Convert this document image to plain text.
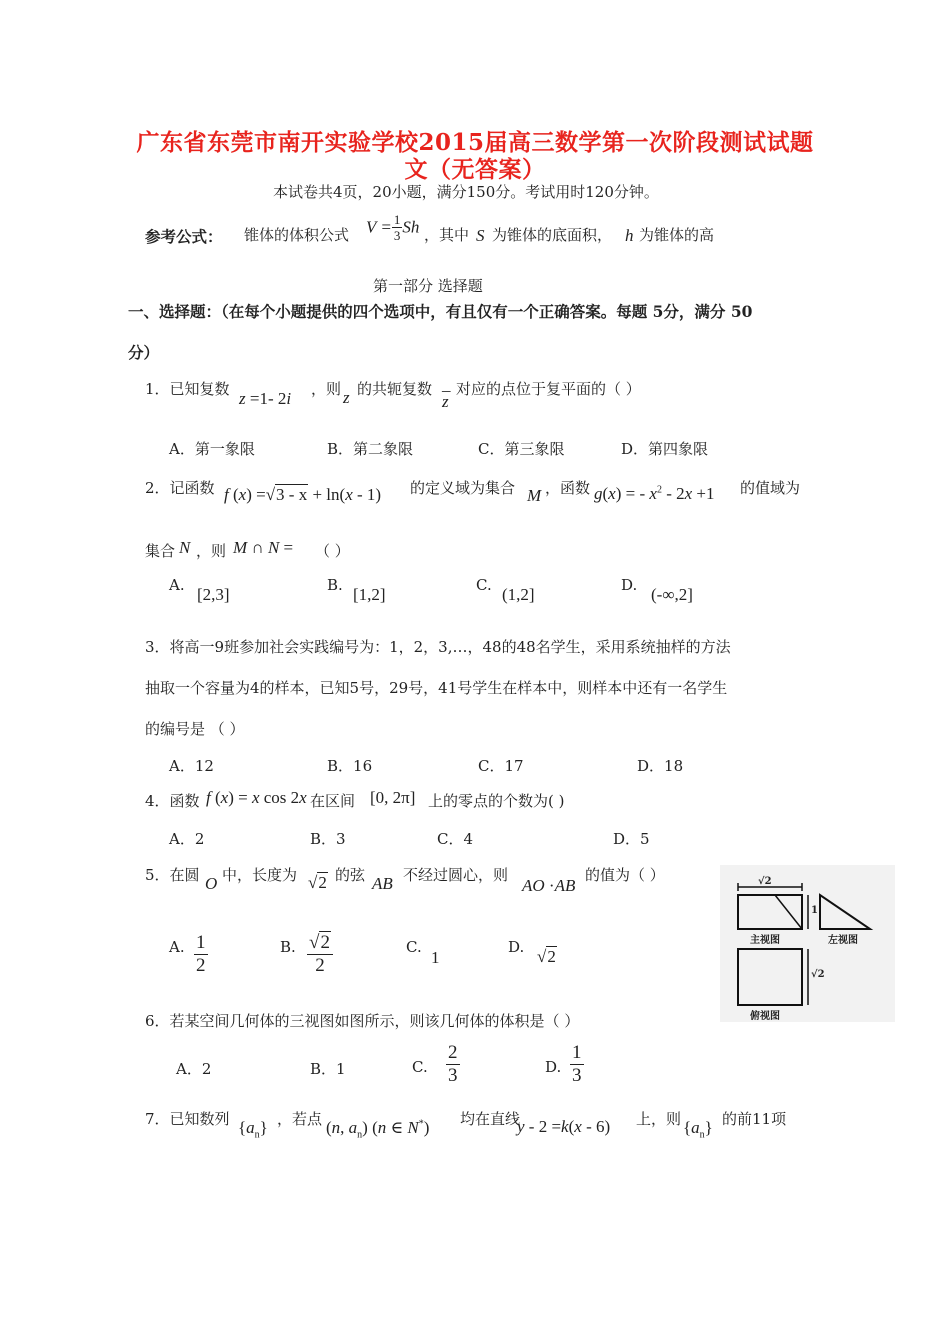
广东省东莞市南开实验学校2015届高三数学第一次阶段测试试题
文（无答案）
本试卷共4页，20小题，满分150分。考试用时120分钟。
参考公式： 锥体的体积公式 $V = \frac{1}{3}$ Sh ，其中 S 为锥体的底面积， h 为锥体的高
第一部分 选择题
一、选择题：（在每个小题提供的四个选项中，有且仅有一个正确答案。每题 5分，满分 50
分）
1．已知复数 z =1- 2i ，则 z 的共轭复数 _
z
对应的点位于复平面的（ ）
A．第一象限	B．第二象限	C．第三象限	D．第四象限
2．记函数 f (x) =√3 - x + ln(x - 1) 的定义域为集合 M ，函数 g(x) = - $x^2 - 2x +1$ 的值域为
集合 N ，则 M ∩ N = （ ）
A. [2,3]	B. [1,2]	C. (1,2]	D. (-∞,2]
3．将高一9班参加社会实践编号为：1，2，3,…，48的48名学生，采用系统抽样的方法
抽取一个容量为4的样本，已知5号，29号，41号学生在样本中，则样本中还有一名学生
的编号是 （ ）
A．12	B．16	C．17	D．18
4．函数 f (x) = x cos 2x 在区间 [0, 2π] 上的零点的个数为( )
A．2	B．3	C．4	D．5
5．在圆 O 中，长度为 √2 的弦 AB 不经过圆心，则
AO ·AB
的值为（ ）
A. $\frac{1}{2}$	B. $\frac{√2}{2}$	C.
1
D. √2
√2
1
√2
主视图	左视图
俯视图
6．若某空间几何体的三视图如图所示，则该几何体的体积是（ ）
A．2	B．1	C. $\frac{2}{3}$	D. $\frac{1}{3}$
7．已知数列 $\{a_n\}$ ，若点 (n, $a_n$) (n ∈ N*) 均在直线
y - 2 =k(x - 6) 上，则 $\{a_n\}$ 的前11项
